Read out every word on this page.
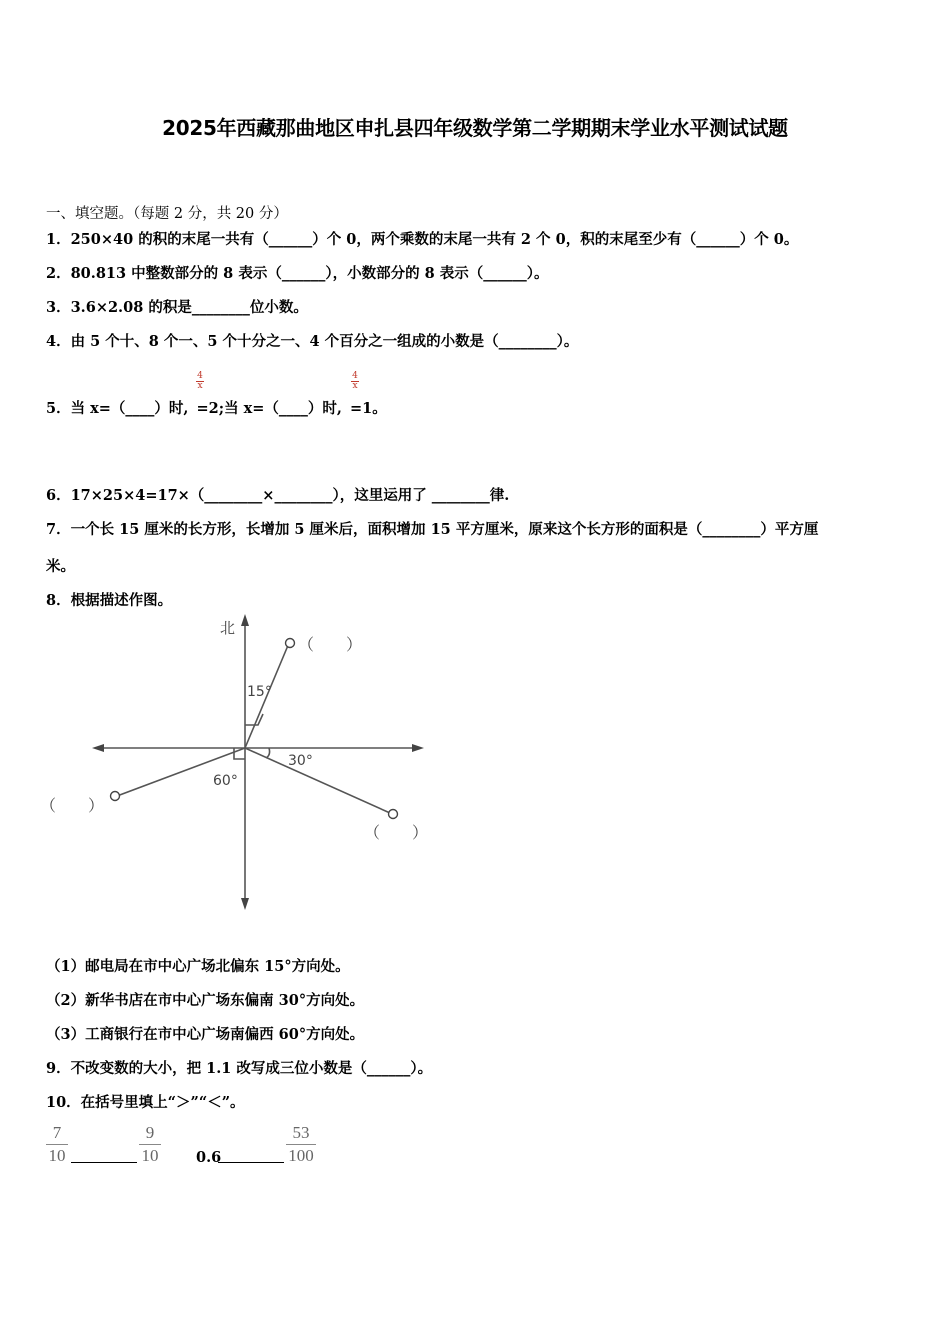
2025年西藏那曲地区申扎县四年级数学第二学期期末学业水平测试试题
一、填空题。（每题 2 分，共 20 分）
1．250×40 的积的末尾一共有（______）个 0，两个乘数的末尾一共有 2 个 0，积的末尾至少有（______）个 0。
2．80.813 中整数部分的 8 表示（______），小数部分的 8 表示（______）。
3．3.6×2.08 的积是________位小数。
4．由 5 个十、8 个一、5 个十分之一、4 个百分之一组成的小数是（________）。
5．当 x=（____）时, =2;当 x=（____）时, =1。
4
x
4
x
6．17×25×4=17×（________×________），这里运用了 ________律.
7．一个长 15 厘米的长方形，长增加 5 厘米后，面积增加 15 平方厘米，原来这个长方形的面积是（________）平方厘
米。
8．根据描述作图。
北
15°
30°
60°
（　　）
（　　）
（　　）
（1）邮电局在市中心广场北偏东 15°方向处。
（2）新华书店在市中心广场东偏南 30°方向处。
（3）工商银行在市中心广场南偏西 60°方向处。
9．不改变数的大小，把 1.1 改写成三位小数是（______）。
10．在括号里填上“＞”“＜”。
7
10
9
10	0.6
53
100
